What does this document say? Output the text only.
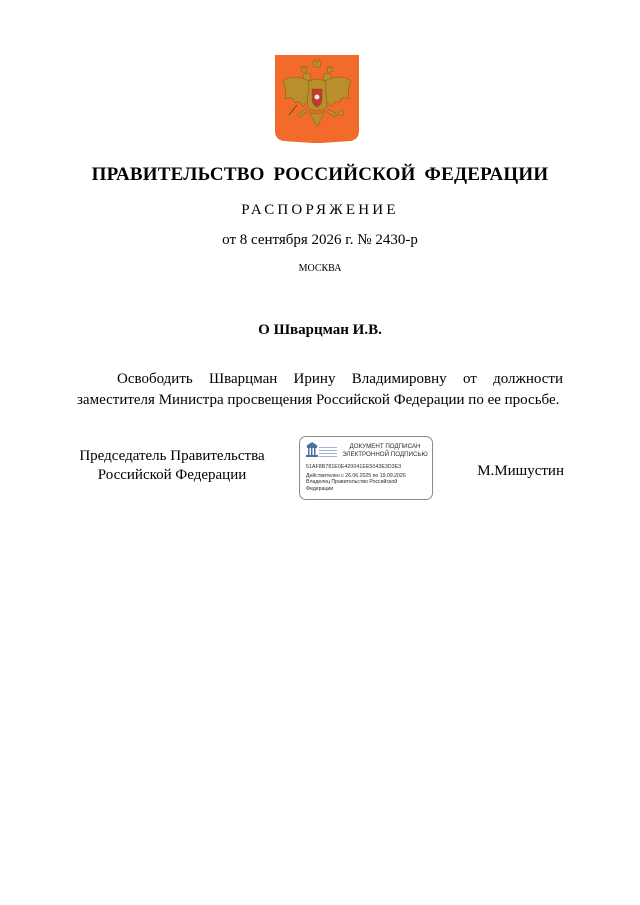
ПРАВИТЕЛЬСТВО РОССИЙСКОЙ ФЕДЕРАЦИИ
РАСПОРЯЖЕНИЕ
от 8 сентября 2026 г. № 2430-р
МОСКВА
О Шварцман И.В.
Освободить Шварцман Ирину Владимировну от должности
заместителя Министра просвещения Российской Федерации по ее просьбе.
Председатель Правительства
Российской Федерации
ДОКУМЕНТ ПОДПИСАН
ЭЛЕКТРОННОЙ ПОДПИСЬЮ
51AF8B781E0E420041EE5043E3D3E3
Действителен с 26.06.2025 по 19.09.2026
Владелец Правительство Российской
Федерации
М.Мишустин
